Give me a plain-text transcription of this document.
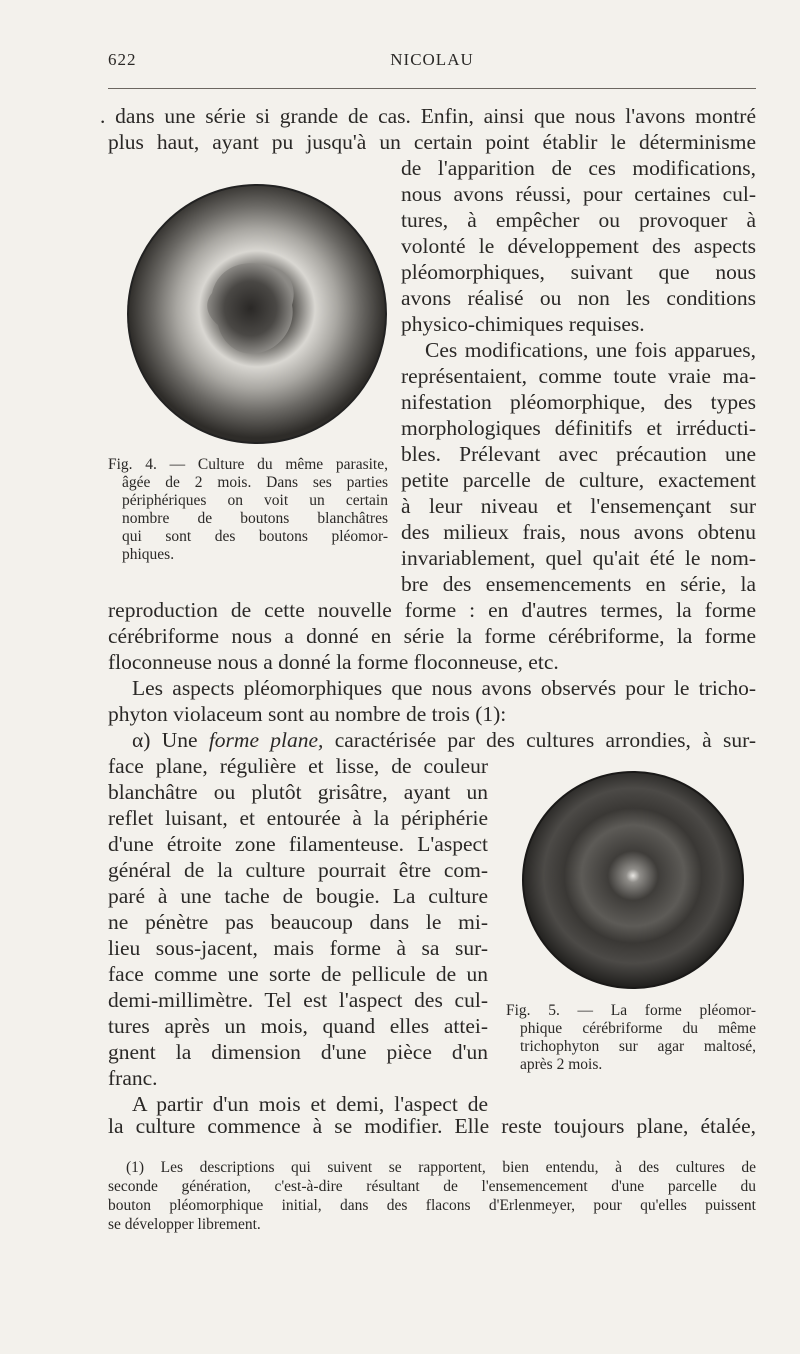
622	NICOLAU
. dans une série si grande de cas. Enfin, ainsi que nous l'avons montré
plus haut, ayant pu jusqu'à un certain point établir le déterminisme
de l'apparition de ces modifications,
nous avons réussi, pour certaines cul-
tures, à empêcher ou provoquer à
volonté le développement des aspects
pléomorphiques, suivant que nous
avons réalisé ou non les conditions
physico-chimiques requises.
Ces modifications, une fois apparues,
représentaient, comme toute vraie ma-
nifestation pléomorphique, des types
morphologiques définitifs et irréducti-
bles. Prélevant avec précaution une
petite parcelle de culture, exactement
à leur niveau et l'ensemençant sur
des milieux frais, nous avons obtenu
invariablement, quel qu'ait été le nom-
bre des ensemencements en série, la
Fig. 4. — Culture du même parasite,
âgée de 2 mois. Dans ses parties
périphériques on voit un certain
nombre de boutons blanchâtres
qui sont des boutons pléomor-
phiques.
reproduction de cette nouvelle forme : en d'autres termes, la forme
cérébriforme nous a donné en série la forme cérébriforme, la forme
floconneuse nous a donné la forme floconneuse, etc.
Les aspects pléomorphiques que nous avons observés pour le tricho-
phyton violaceum sont au nombre de trois (1):
α) Une forme plane, caractérisée par des cultures arrondies, à sur-
face plane, régulière et lisse, de couleur
blanchâtre ou plutôt grisâtre, ayant un
reflet luisant, et entourée à la périphérie
d'une étroite zone filamenteuse. L'aspect
général de la culture pourrait être com-
paré à une tache de bougie. La culture
ne pénètre pas beaucoup dans le mi-
lieu sous-jacent, mais forme à sa sur-
face comme une sorte de pellicule de un
demi-millimètre. Tel est l'aspect des cul-
tures après un mois, quand elles attei-
gnent la dimension d'une pièce d'un
franc.
A partir d'un mois et demi, l'aspect de
Fig. 5. — La forme pléomor-
phique cérébriforme du même
trichophyton sur agar maltosé,
après 2 mois.
la culture commence à se modifier. Elle reste toujours plane, étalée,
(1) Les descriptions qui suivent se rapportent, bien entendu, à des cultures de
seconde génération, c'est-à-dire résultant de l'ensemencement d'une parcelle du
bouton pléomorphique initial, dans des flacons d'Erlenmeyer, pour qu'elles puissent
se développer librement.
